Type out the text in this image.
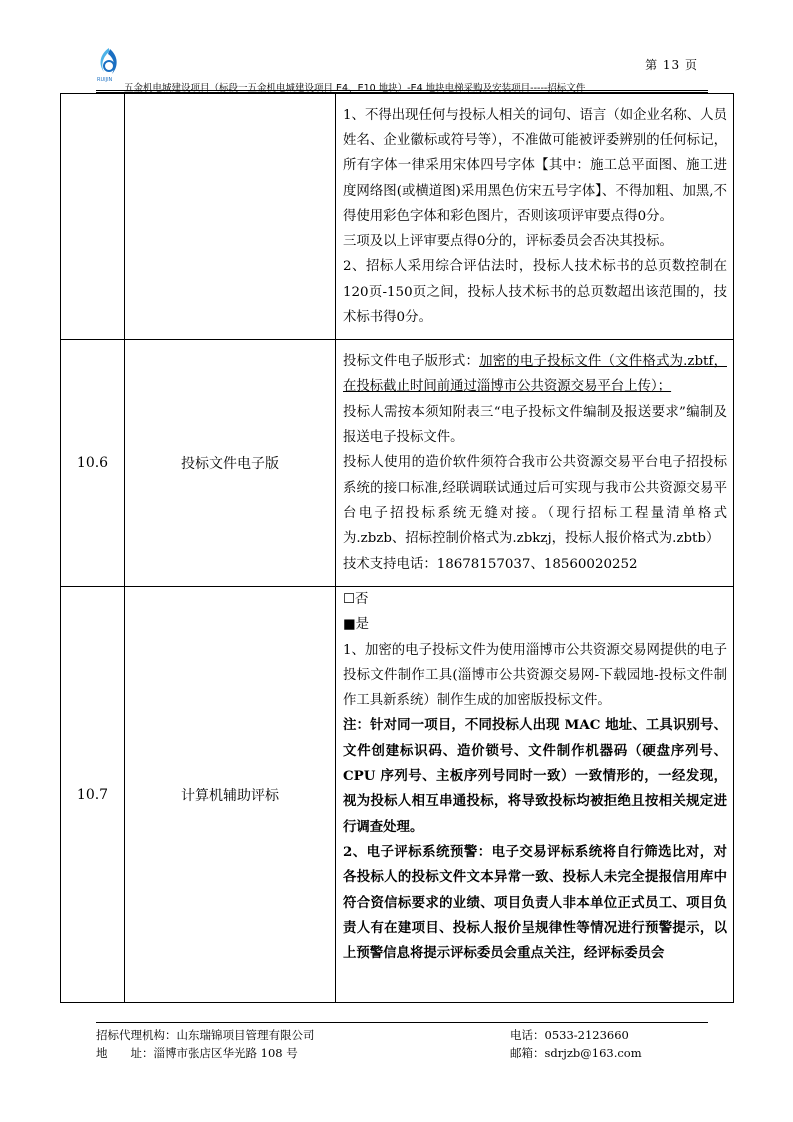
RUIJIN
第 13 页
五金机电城建设项目（标段一五金机电城建设项目 E4、E10 地块）-E4 地块电梯采购及安装项目-----招标文件

		1、不得出现任何与投标人相关的词句、语言（如企业名称、人员姓名、企业徽标或符号等），不准做可能被评委辨别的任何标记，所有字体一律采用宋体四号字体【其中：施工总平面图、施工进度网络图(或横道图)采用黑色仿宋五号字体】、不得加粗、加黑,不得使用彩色字体和彩色图片，否则该项评审要点得0分。

三项及以上评审要点得0分的，评标委员会否决其投标。

2、招标人采用综合评估法时，投标人技术标书的总页数控制在120页-150页之间，投标人技术标书的总页数超出该范围的，技术标书得0分。

10.6	投标文件电子版	投标文件电子版形式：加密的电子投标文件（文件格式为.zbtf，在投标截止时间前通过淄博市公共资源交易平台上传）；

投标人需按本须知附表三“电子投标文件编制及报送要求”编制及报送电子投标文件。

投标人使用的造价软件须符合我市公共资源交易平台电子招投标系统的接口标准,经联调联试通过后可实现与我市公共资源交易平台电子招投标系统无缝对接。（现行招标工程量清单格式为.zbzb、招标控制价格式为.zbkzj，投标人报价格式为.zbtb）

技术支持电话：18678157037、18560020252

10.7	计算机辅助评标	☐否

■是

1、加密的电子投标文件为使用淄博市公共资源交易网提供的电子投标文件制作工具(淄博市公共资源交易网-下载园地-投标文件制作工具新系统）制作生成的加密版投标文件。

注：针对同一项目，不同投标人出现 MAC 地址、工具识别号、文件创建标识码、造价锁号、文件制作机器码（硬盘序列号、CPU 序列号、主板序列号同时一致）一致情形的，一经发现，视为投标人相互串通投标，将导致投标均被拒绝且按相关规定进行调查处理。

2、电子评标系统预警：电子交易评标系统将自行筛选比对，对各投标人的投标文件文本异常一致、投标人未完全提报信用库中符合资信标要求的业绩、项目负责人非本单位正式员工、项目负责人有在建项目、投标人报价呈规律性等情况进行预警提示，以上预警信息将提示评标委员会重点关注，经评标委员会

招标代理机构：山东瑞锦项目管理有限公司
地　　址：淄博市张店区华光路 108 号
电话：0533-2123660
邮箱：sdrjzb@163.com
